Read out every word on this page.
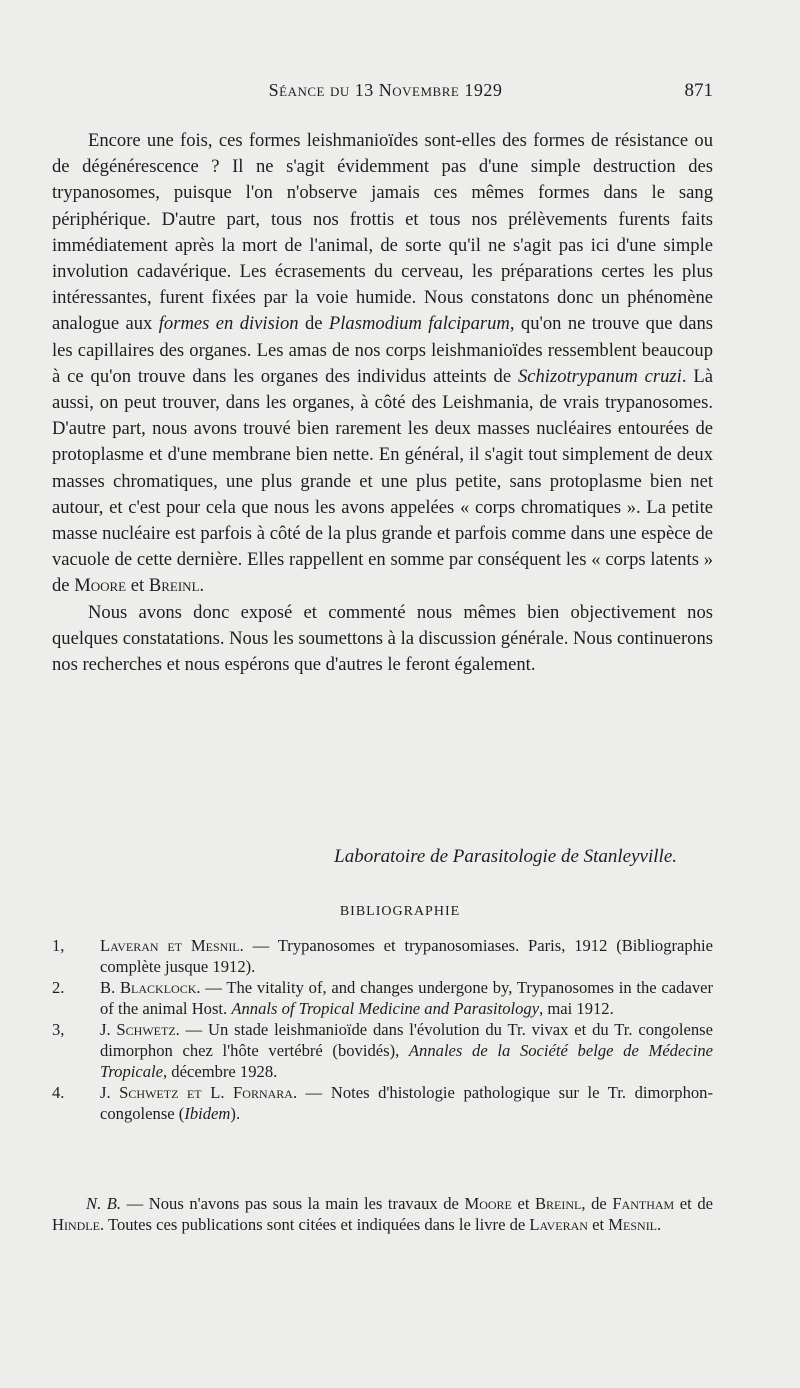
Séance du 13 Novembre 1929	871

Encore une fois, ces formes leishmanioïdes sont-elles des formes de résistance ou de dégénérescence ? Il ne s'agit évidemment pas d'une simple destruction des trypanosomes, puisque l'on n'observe jamais ces mêmes formes dans le sang périphérique. D'autre part, tous nos frottis et tous nos prélèvements furents faits immédiatement après la mort de l'animal, de sorte qu'il ne s'agit pas ici d'une simple involution cadavérique. Les écrasements du cerveau, les préparations certes les plus intéressantes, furent fixées par la voie humide. Nous constatons donc un phénomène analogue aux formes en division de Plasmodium falciparum, qu'on ne trouve que dans les capillaires des organes. Les amas de nos corps leishmanioïdes ressemblent beaucoup à ce qu'on trouve dans les organes des individus atteints de Schizotrypanum cruzi. Là aussi, on peut trouver, dans les organes, à côté des Leishmania, de vrais trypanosomes. D'autre part, nous avons trouvé bien rarement les deux masses nucléaires entourées de protoplasme et d'une membrane bien nette. En général, il s'agit tout simplement de deux masses chromatiques, une plus grande et une plus petite, sans protoplasme bien net autour, et c'est pour cela que nous les avons appelées « corps chromatiques ». La petite masse nucléaire est parfois à côté de la plus grande et parfois comme dans une espèce de vacuole de cette dernière. Elles rappellent en somme par conséquent les « corps latents » de Moore et Breinl.

Nous avons donc exposé et commenté nous mêmes bien objectivement nos quelques constatations. Nous les soumettons à la discussion générale. Nous continuerons nos recherches et nous espérons que d'autres le feront également.

Laboratoire de Parasitologie de Stanleyville.
BIBLIOGRAPHIE
1,	Laveran et Mesnil. — Trypanosomes et trypanosomiases. Paris, 1912 (Bibliographie complète jusque 1912).
2.	B. Blacklock. — The vitality of, and changes undergone by, Trypanosomes in the cadaver of the animal Host. Annals of Tropical Medicine and Parasitology, mai 1912.
3,	J. Schwetz. — Un stade leishmanioïde dans l'évolution du Tr. vivax et du Tr. congolense dimorphon chez l'hôte vertébré (bovidés), Annales de la Société belge de Médecine Tropicale, décembre 1928.
4.	J. Schwetz et L. Fornara. — Notes d'histologie pathologique sur le Tr. dimorphon-congolense (Ibidem).
N. B. — Nous n'avons pas sous la main les travaux de Moore et Breinl, de Fantham et de Hindle. Toutes ces publications sont citées et indiquées dans le livre de Laveran et Mesnil.
